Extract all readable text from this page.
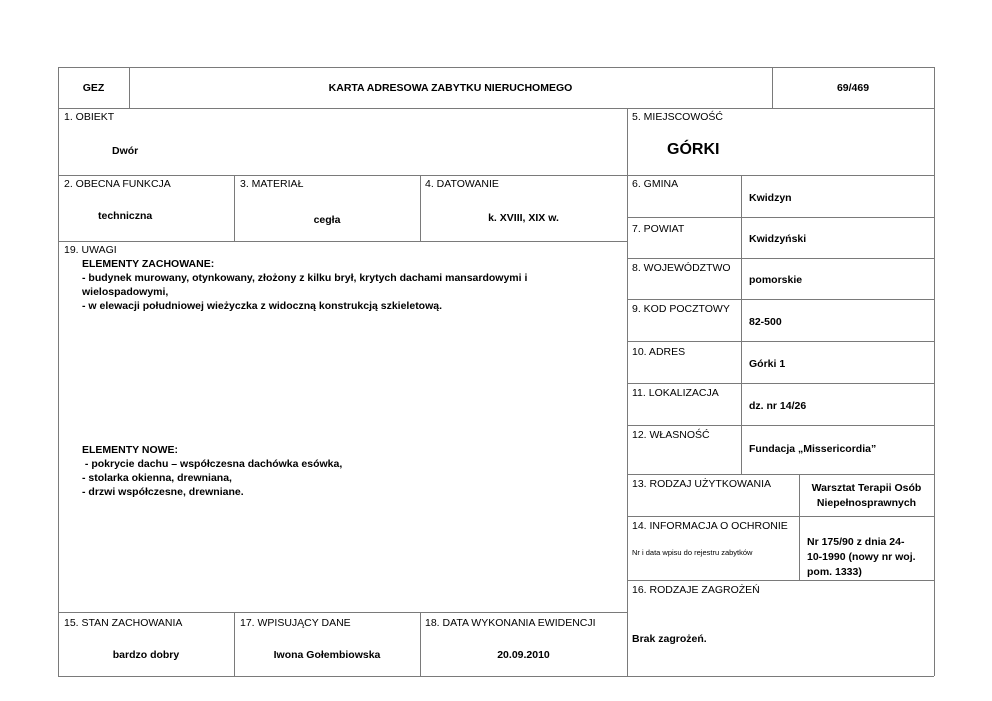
GEZ	KARTA ADRESOWA ZABYTKU NIERUCHOMEGO	69/469
1. OBIEKT
Dwór
5. MIEJSCOWOŚĆ
GÓRKI
2. OBECNA FUNKCJA
techniczna
3. MATERIAŁ
cegła
4. DATOWANIE
k. XVIII, XIX w.
6. GMINA
Kwidzyn
7. POWIAT
Kwidzyński
8. WOJEWÓDZTWO
pomorskie
9. KOD POCZTOWY
82-500
10. ADRES
Górki 1
11. LOKALIZACJA
dz. nr 14/26
12. WŁASNOŚĆ
Fundacja „Missericordia”
13. RODZAJ UŻYTKOWANIA	Warsztat Terapii Osób
Niepełnosprawnych
14. INFORMACJA O OCHRONIE
Nr i data wpisu do rejestru zabytków
Nr 175/90 z dnia 24-
10-1990 (nowy nr woj.
pom. 1333)
16. RODZAJE ZAGROŻEŃ
Brak zagrożeń.
19. UWAGI
ELEMENTY ZACHOWANE:
- budynek murowany, otynkowany, złożony z kilku brył, krytych dachami mansardowymi i
wielospadowymi,
- w elewacji południowej wieżyczka z widoczną konstrukcją szkieletową.
ELEMENTY NOWE:
- pokrycie dachu – współczesna dachówka esówka,
- stolarka okienna, drewniana,
- drzwi współczesne, drewniane.
15. STAN ZACHOWANIA
bardzo dobry
17. WPISUJĄCY DANE
Iwona Gołembiowska
18. DATA WYKONANIA EWIDENCJI
20.09.2010
